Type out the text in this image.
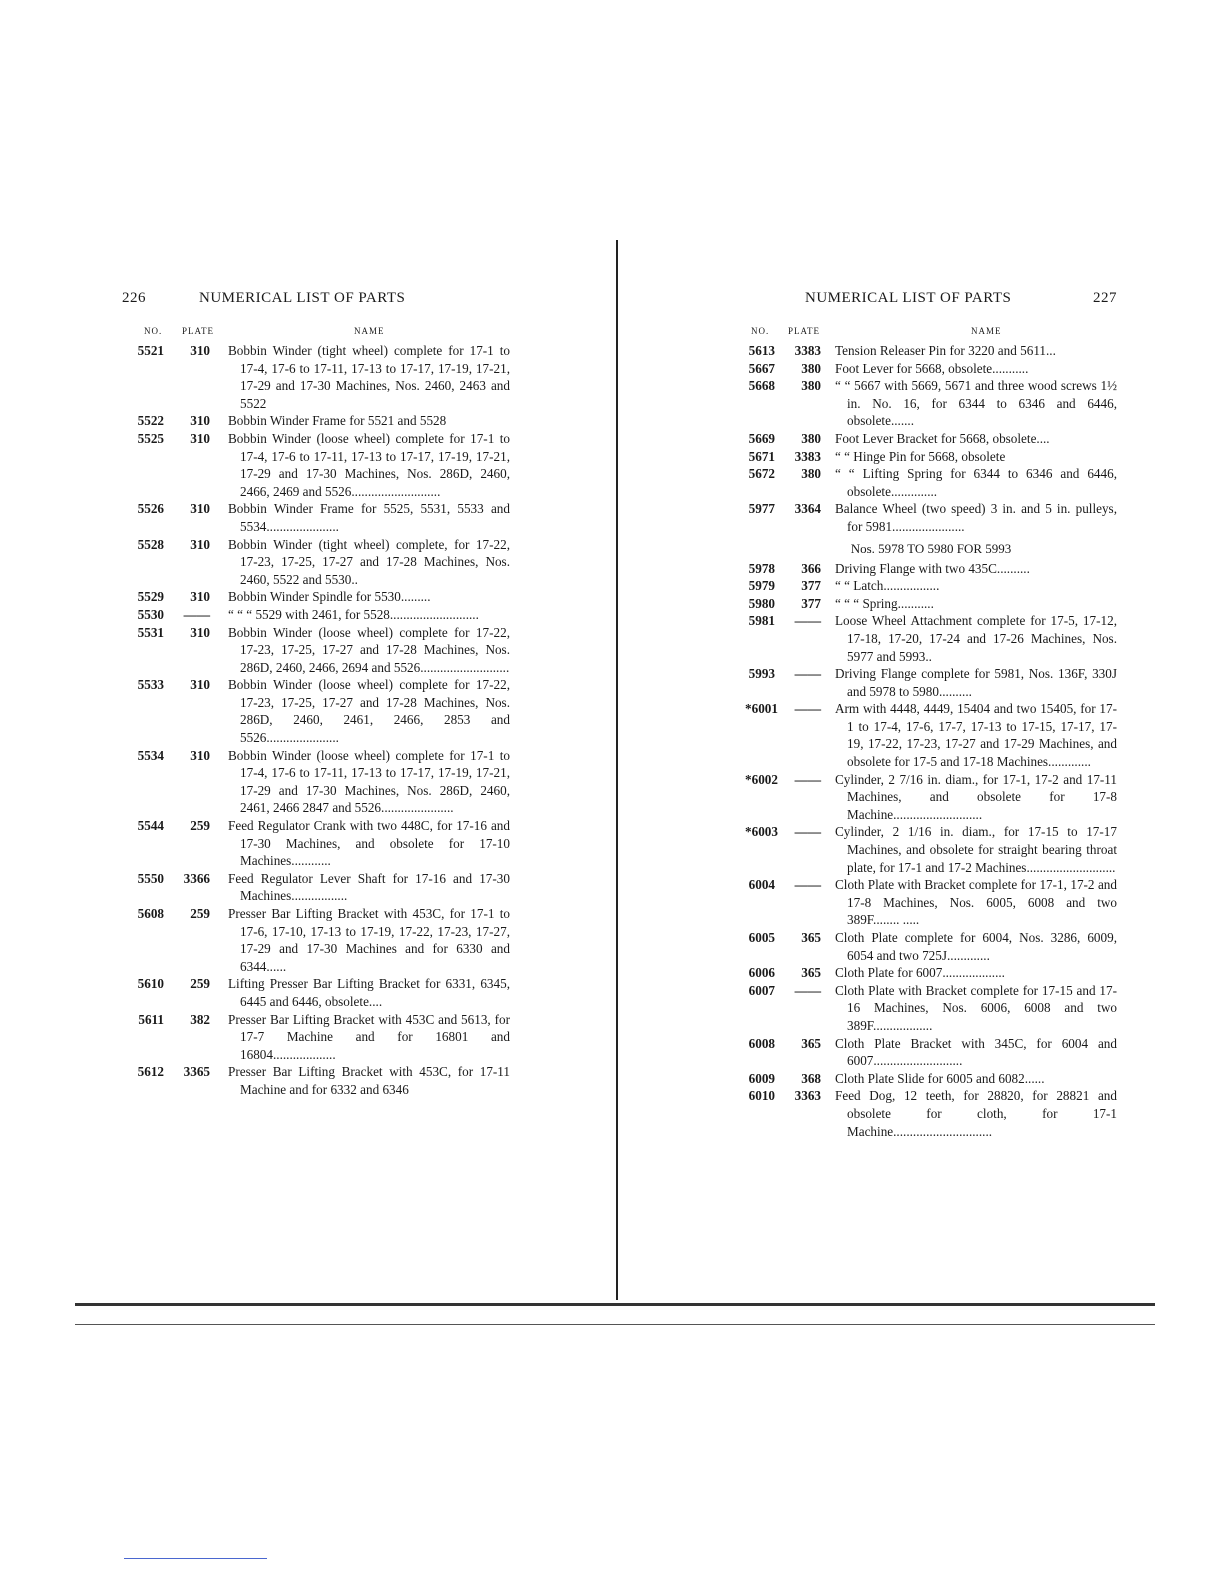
226	NUMERICAL LIST OF PARTS
NO. PLATE	NAME
5521	310 Bobbin Winder (tight wheel) complete for 17-1 to 17-4, 17-6 to 17-11, 17-13 to 17-17, 17-19, 17-21, 17-29 and 17-30 Machines, Nos. 2460, 2463 and 5522
5522	310 Bobbin Winder Frame for 5521 and 5528
5525	310 Bobbin Winder (loose wheel) complete for 17-1 to 17-4, 17-6 to 17-11, 17-13 to 17-17, 17-19, 17-21, 17-29 and 17-30 Machines, Nos. 286D, 2460, 2466, 2469 and 5526...........................
5526	310 Bobbin Winder Frame for 5525, 5531, 5533 and 5534......................
5528	310 Bobbin Winder (tight wheel) complete, for 17-22, 17-23, 17-25, 17-27 and 17-28 Machines, Nos. 2460, 5522 and 5530..
5529	310 Bobbin Winder Spindle for 5530.........
5530	—— “ “ “ 5529 with 2461, for 5528...........................
5531	310 Bobbin Winder (loose wheel) complete for 17-22, 17-23, 17-25, 17-27 and 17-28 Machines, Nos. 286D, 2460, 2466, 2694 and 5526...........................
5533	310 Bobbin Winder (loose wheel) complete for 17-22, 17-23, 17-25, 17-27 and 17-28 Machines, Nos. 286D, 2460, 2461, 2466, 2853 and 5526......................
5534	310 Bobbin Winder (loose wheel) complete for 17-1 to 17-4, 17-6 to 17-11, 17-13 to 17-17, 17-19, 17-21, 17-29 and 17-30 Machines, Nos. 286D, 2460, 2461, 2466 2847 and 5526......................
5544	259 Feed Regulator Crank with two 448C, for 17-16 and 17-30 Machines, and obsolete for 17-10 Machines............
5550	3366 Feed Regulator Lever Shaft for 17-16 and 17-30 Machines.................
5608	259 Presser Bar Lifting Bracket with 453C, for 17-1 to 17-6, 17-10, 17-13 to 17-19, 17-22, 17-23, 17-27, 17-29 and 17-30 Machines and for 6330 and 6344......
5610	259 Lifting Presser Bar Lifting Bracket for 6331, 6345, 6445 and 6446, obsolete....
5611	382 Presser Bar Lifting Bracket with 453C and 5613, for 17-7 Machine and for 16801 and 16804...................
5612	3365 Presser Bar Lifting Bracket with 453C, for 17-11 Machine and for 6332 and 6346
NUMERICAL LIST OF PARTS	227
NO. PLATE	NAME
5613	3383 Tension Releaser Pin for 3220 and 5611...
5667	380 Foot Lever for 5668, obsolete...........
5668	380 “ “ 5667 with 5669, 5671 and three wood screws 1½ in. No. 16, for 6344 to 6346 and 6446, obsolete.......
5669	380 Foot Lever Bracket for 5668, obsolete....
5671	3383 “ “ Hinge Pin for 5668, obsolete
5672	380 “ “ Lifting Spring for 6344 to 6346 and 6446, obsolete..............
5977	3364 Balance Wheel (two speed) 3 in. and 5 in. pulleys, for 5981......................
Nos. 5978 TO 5980 FOR 5993
5978	366 Driving Flange with two 435C..........
5979	377 “ “ Latch.................
5980	377 “ “ “ Spring...........
5981	—— Loose Wheel Attachment complete for 17-5, 17-12, 17-18, 17-20, 17-24 and 17-26 Machines, Nos. 5977 and 5993..
5993	—— Driving Flange complete for 5981, Nos. 136F, 330J and 5978 to 5980..........
*6001	—— Arm with 4448, 4449, 15404 and two 15405, for 17-1 to 17-4, 17-6, 17-7, 17-13 to 17-15, 17-17, 17-19, 17-22, 17-23, 17-27 and 17-29 Machines, and obsolete for 17-5 and 17-18 Machines.............
*6002	—— Cylinder, 2 7/16 in. diam., for 17-1, 17-2 and 17-11 Machines, and obsolete for 17-8 Machine...........................
*6003	—— Cylinder, 2 1/16 in. diam., for 17-15 to 17-17 Machines, and obsolete for straight bearing throat plate, for 17-1 and 17-2 Machines...........................
6004	—— Cloth Plate with Bracket complete for 17-1, 17-2 and 17-8 Machines, Nos. 6005, 6008 and two 389F........ .....
6005	365 Cloth Plate complete for 6004, Nos. 3286, 6009, 6054 and two 725J.............
6006	365 Cloth Plate for 6007...................
6007	—— Cloth Plate with Bracket complete for 17-15 and 17-16 Machines, Nos. 6006, 6008 and two 389F..................
6008	365 Cloth Plate Bracket with 345C, for 6004 and 6007...........................
6009	368 Cloth Plate Slide for 6005 and 6082......
6010	3363 Feed Dog, 12 teeth, for 28820, for 28821 and obsolete for cloth, for 17-1 Machine..............................
